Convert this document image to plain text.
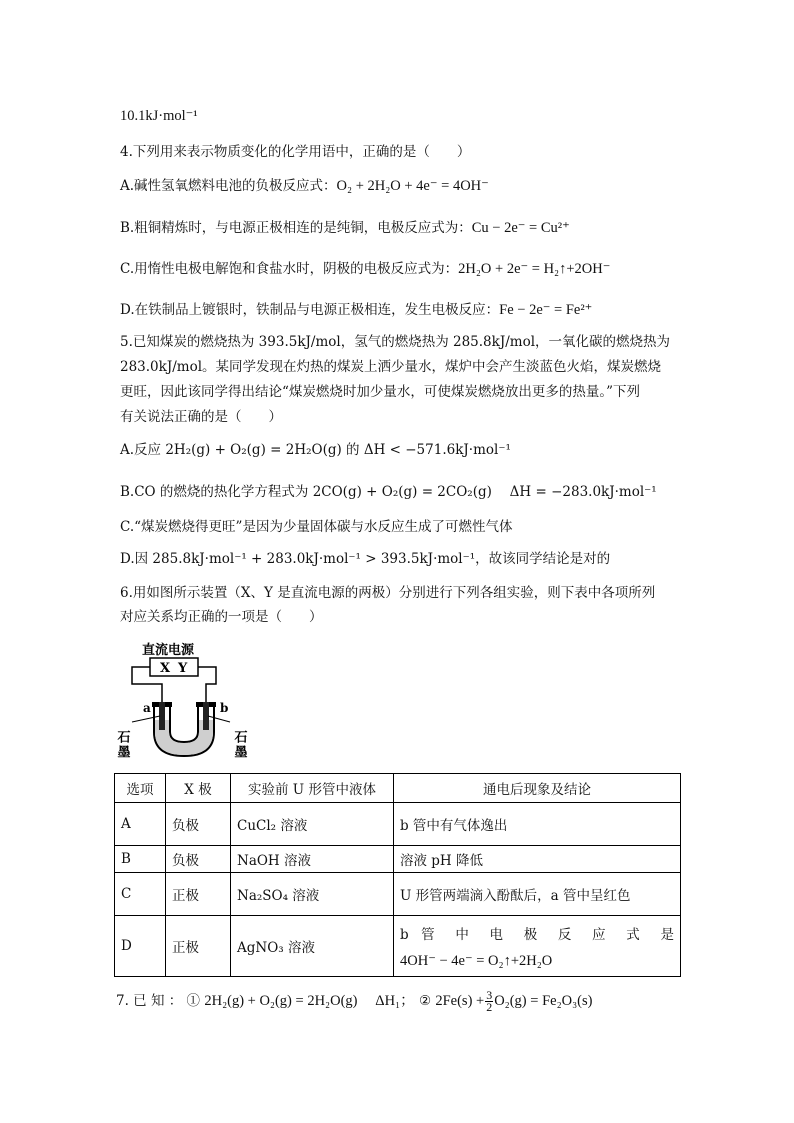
10.1kJ·mol⁻¹
4.下列用来表示物质变化的化学用语中，正确的是（　　）
A.碱性氢氧燃料电池的负极反应式：O₂ + 2H₂O + 4e⁻ = 4OH⁻
B.粗铜精炼时，与电源正极相连的是纯铜，电极反应式为：Cu − 2e⁻ = Cu²⁺
C.用惰性电极电解饱和食盐水时，阴极的电极反应式为：2H₂O + 2e⁻ = H₂↑+2OH⁻
D.在铁制品上镀银时，铁制品与电源正极相连，发生电极反应：Fe − 2e⁻ = Fe²⁺
5.已知煤炭的燃烧热为 393.5kJ/mol，氢气的燃烧热为 285.8kJ/mol，一氧化碳的燃烧热为
283.0kJ/mol。某同学发现在灼热的煤炭上洒少量水，煤炉中会产生淡蓝色火焰，煤炭燃烧
更旺，因此该同学得出结论“煤炭燃烧时加少量水，可使煤炭燃烧放出更多的热量。”下列
有关说法正确的是（　　）
A.反应 2H₂(g) + O₂(g) = 2H₂O(g) 的 ΔH < −571.6kJ·mol⁻¹
B.CO 的燃烧的热化学方程式为 2CO(g) + O₂(g) = 2CO₂(g)　 ΔH = −283.0kJ·mol⁻¹
C.“煤炭燃烧得更旺”是因为少量固体碳与水反应生成了可燃性气体
D.因 285.8kJ·mol⁻¹ + 283.0kJ·mol⁻¹ > 393.5kJ·mol⁻¹，故该同学结论是对的
6.用如图所示装置（X、Y 是直流电源的两极）分别进行下列各组实验，则下表中各项所列
对应关系均正确的一项是（　　）
直流电源
X Y
a	b
石墨	石墨
选项	X 极	实验前 U 形管中液体	通电后现象及结论
A	负极	CuCl₂ 溶液	b 管中有气体逸出
B	负极	NaOH 溶液	溶液 pH 降低
C	正极	Na₂SO₄ 溶液	U 形管两端滴入酚酞后，a 管中呈红色
D	正极	AgNO₃ 溶液	b 管 中 电 极 反 应 式 是
4OH⁻ − 4e⁻ = O₂↑+2H₂O
7. 已 知 ： ① 2H₂(g) + O₂(g) = 2H₂O(g)  ΔH₁； ② $2Fe(s) + \frac{3}{2} O_2(g) = Fe_2O_3(s)$
